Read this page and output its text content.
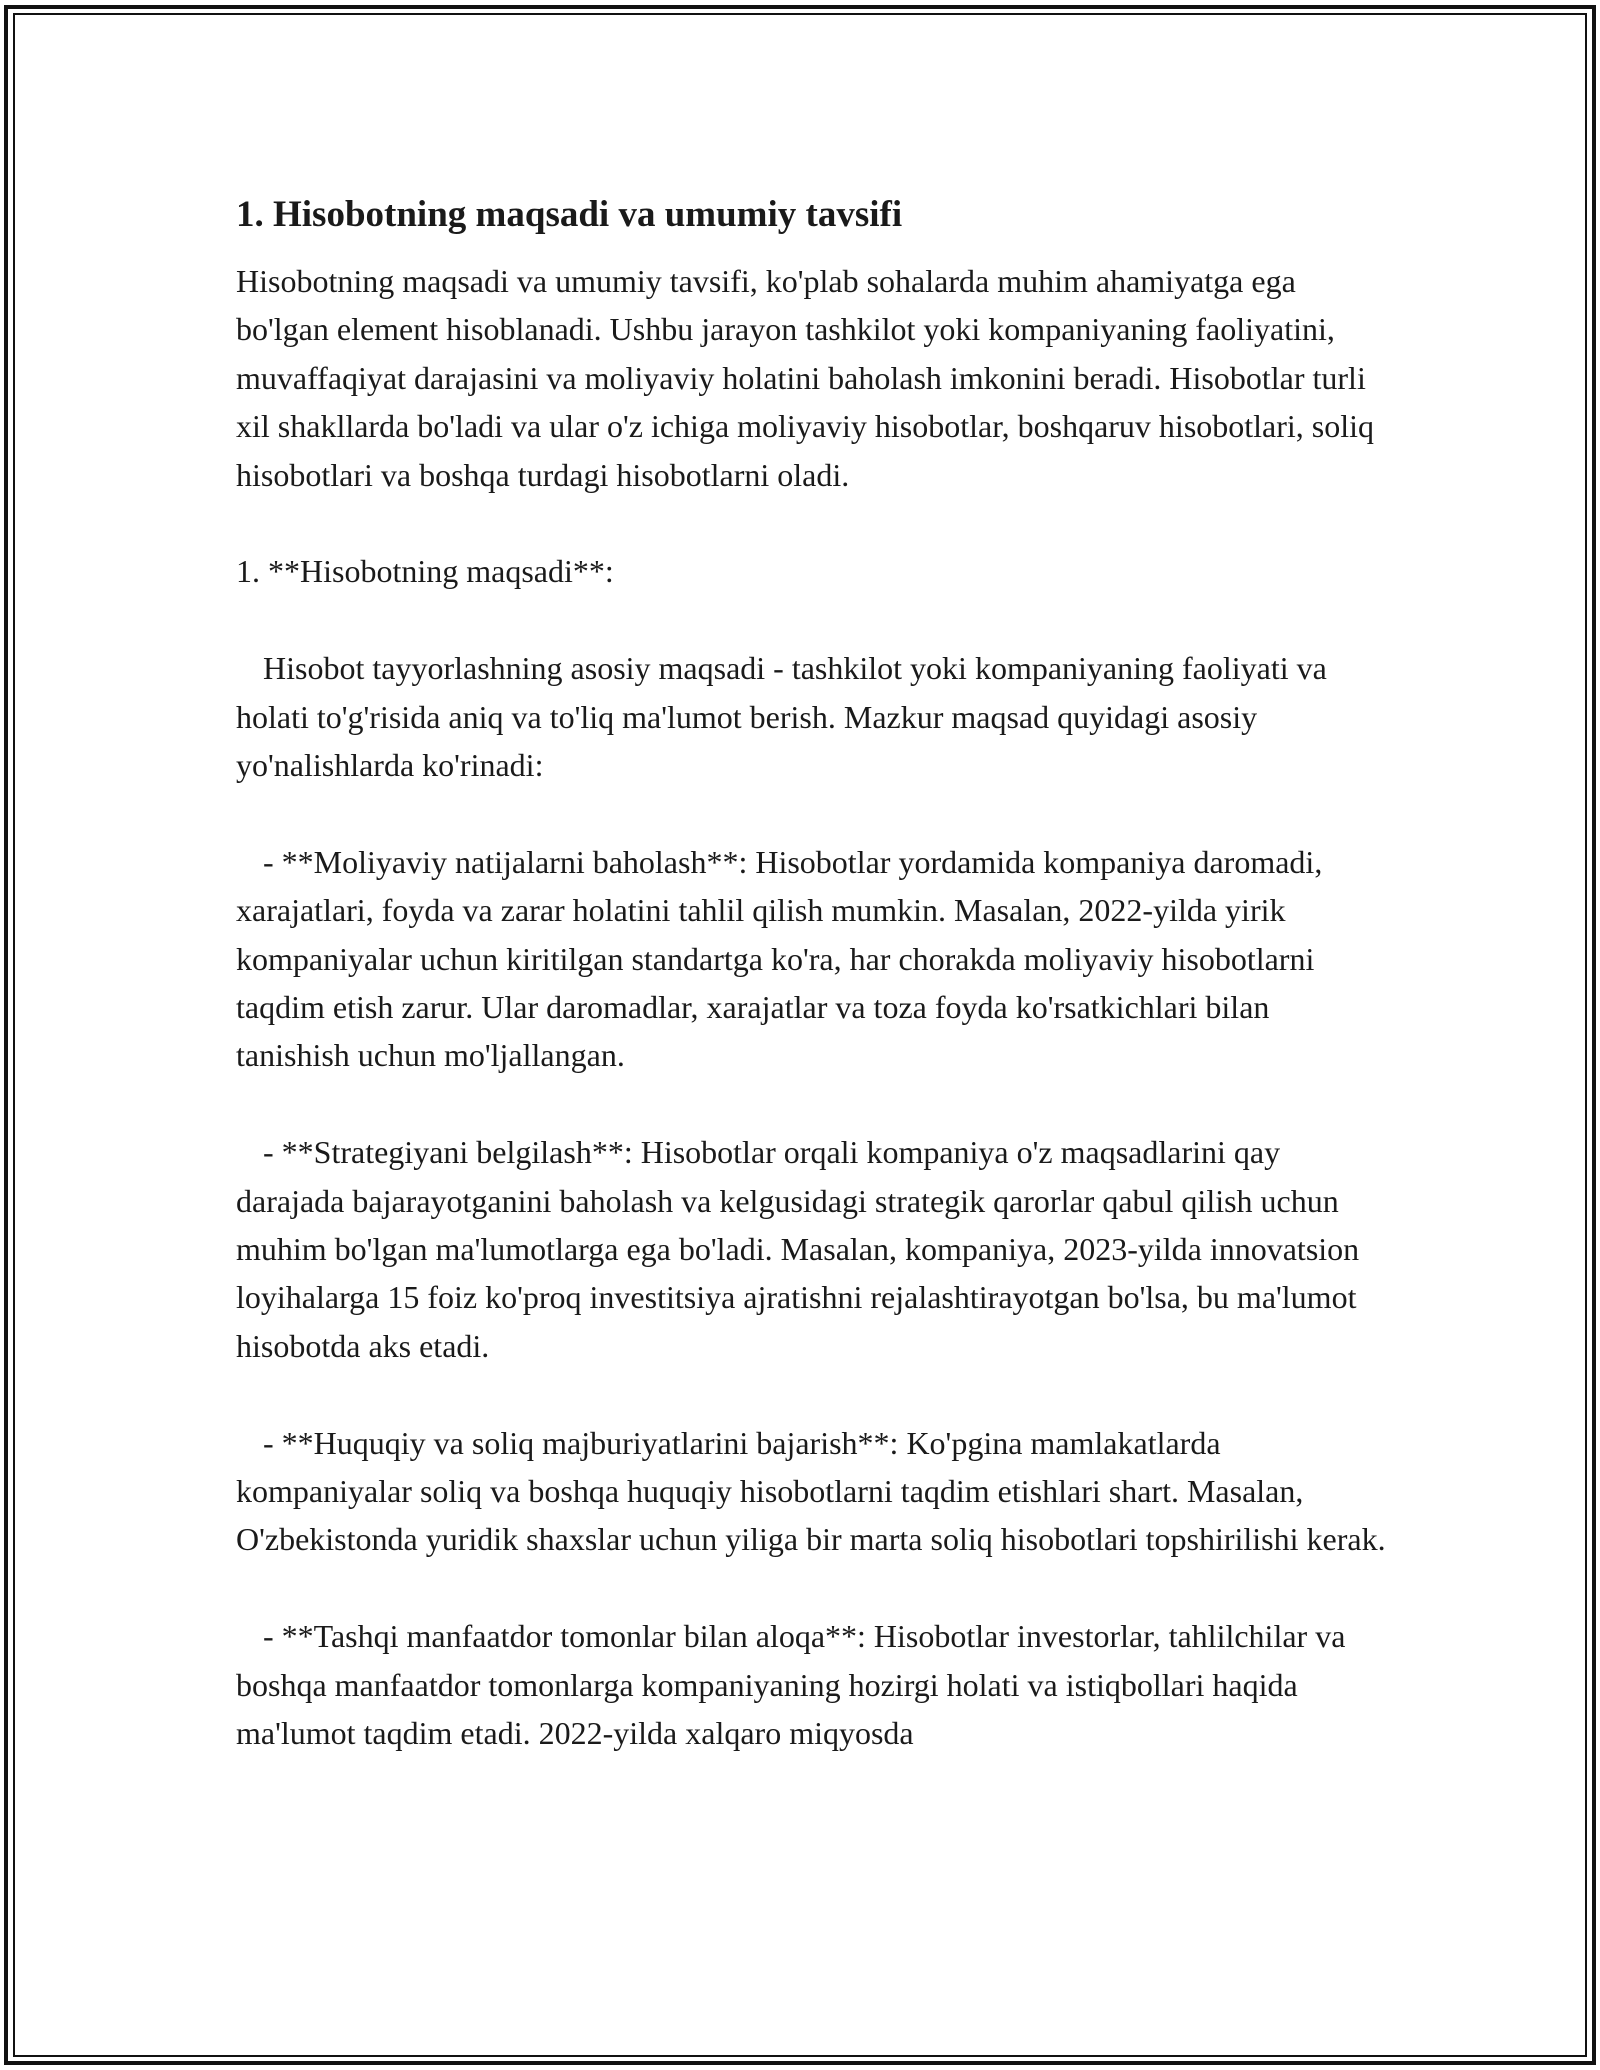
1. Hisobotning maqsadi va umumiy tavsifi

Hisobotning maqsadi va umumiy tavsifi, ko'plab sohalarda muhim ahamiyatga ega bo'lgan element hisoblanadi. Ushbu jarayon tashkilot yoki kompaniyaning faoliyatini, muvaffaqiyat darajasini va moliyaviy holatini baholash imkonini beradi. Hisobotlar turli xil shakllarda bo'ladi va ular o'z ichiga moliyaviy hisobotlar, boshqaruv hisobotlari, soliq hisobotlari va boshqa turdagi hisobotlarni oladi.

1. **Hisobotning maqsadi**:

Hisobot tayyorlashning asosiy maqsadi - tashkilot yoki kompaniyaning faoliyati va holati to'g'risida aniq va to'liq ma'lumot berish. Mazkur maqsad quyidagi asosiy yo'nalishlarda ko'rinadi:

- **Moliyaviy natijalarni baholash**: Hisobotlar yordamida kompaniya daromadi, xarajatlari, foyda va zarar holatini tahlil qilish mumkin. Masalan, 2022-yilda yirik kompaniyalar uchun kiritilgan standartga ko'ra, har chorakda moliyaviy hisobotlarni taqdim etish zarur. Ular daromadlar, xarajatlar va toza foyda ko'rsatkichlari bilan tanishish uchun mo'ljallangan.

- **Strategiyani belgilash**: Hisobotlar orqali kompaniya o'z maqsadlarini qay darajada bajarayotganini baholash va kelgusidagi strategik qarorlar qabul qilish uchun muhim bo'lgan ma'lumotlarga ega bo'ladi. Masalan, kompaniya, 2023-yilda innovatsion loyihalarga 15 foiz ko'proq investitsiya ajratishni rejalashtirayotgan bo'lsa, bu ma'lumot hisobotda aks etadi.

- **Huquqiy va soliq majburiyatlarini bajarish**: Ko'pgina mamlakatlarda kompaniyalar soliq va boshqa huquqiy hisobotlarni taqdim etishlari shart. Masalan, O'zbekistonda yuridik shaxslar uchun yiliga bir marta soliq hisobotlari topshirilishi kerak.

- **Tashqi manfaatdor tomonlar bilan aloqa**: Hisobotlar investorlar, tahlilchilar va boshqa manfaatdor tomonlarga kompaniyaning hozirgi holati va istiqbollari haqida ma'lumot taqdim etadi. 2022-yilda xalqaro miqyosda
